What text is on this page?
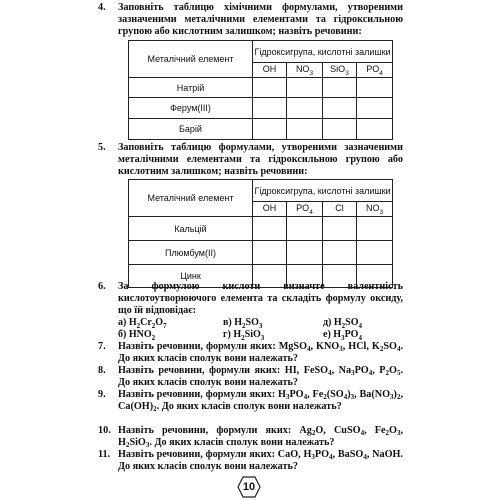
4. Заповніть таблицю хімічними формулами, утвореними зазначеними металічними елементами та гідроксильною групою або кислотним залишком; назвіть речовини:
Металічний елемент	Гідроксигрупа, кислотні залишки			
	OH	$NO_3$	SiO$_3$	$PO_4$
Натрій				
Ферум(III)				
Барій				
5. Заповніть таблицю формулами, утвореними зазначеними металічними елементами та гідроксильною групою або кислотним залишком; назвіть речовини:
Металічний елемент	Гідроксигрупа, кислотні залишки			
	OH	$PO_4$	Cl	$NO_3$
Кальцій				
Плюмбум(II)				
Цинк				
6. За формулою кислоти визначте валентність кислотоутворюючого елемента та складіть формулу оксиду, що їй відповідає:
а) $H_2Cr_2O_7$	в) $H_2SO_3$	д) $H_2SO_4$
б) $HNO_2$	г) $H_2SiO_3$	е) $H_3PO_4$
7. Назвіть речовини, формули яких: MgSO4, KNO3, HCl, K2SO4. До яких класів сполук вони належать?
8. Назвіть речовини, формули яких: HI, FeSO4, Na3PO4, P2O5. До яких класів сполук вони належать?
9. Назвіть речовини, формули яких: H3PO4, Fe2(SO4)3, Ba(NO3)2, Ca(OH)2. До яких класів сполук вони належать?
10. Назвіть речовини, формули яких: Ag2O, CuSO4, Fe2O3, H2SiO3. До яких класів сполук вони належать?
11. Назвіть речовини, формули яких: CaO, H3PO4, BaSO4, NaOH. До яких класів сполук вони належать?
10
